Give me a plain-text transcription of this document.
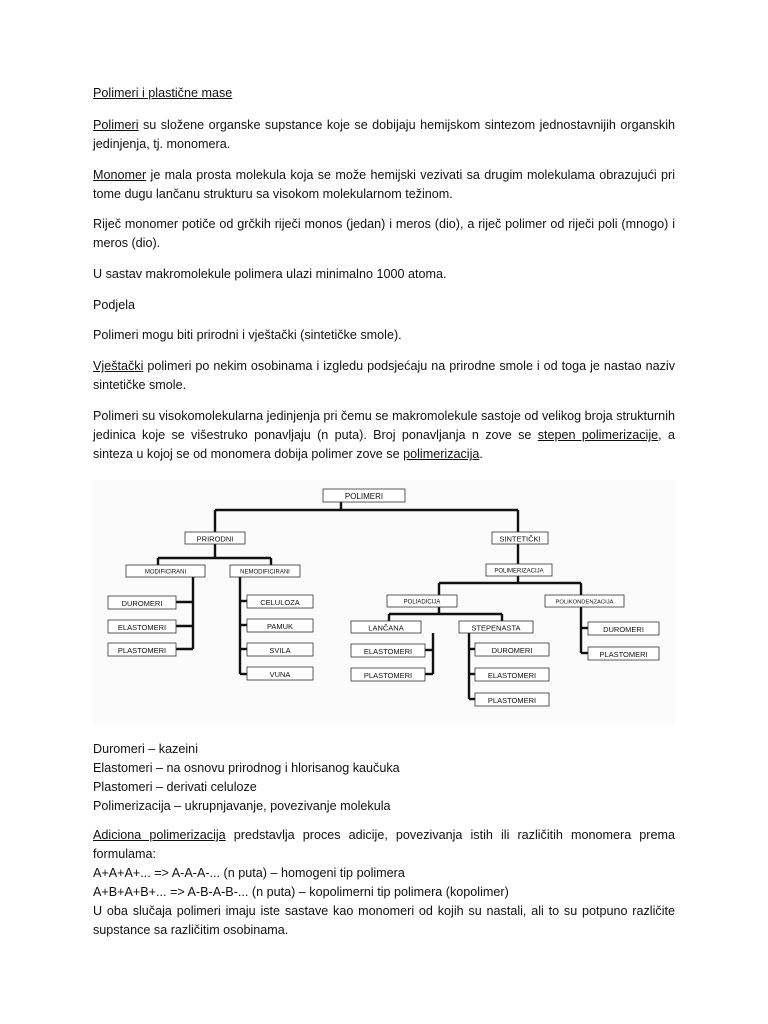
Polimeri i plastične mase

Polimeri su složene organske supstance koje se dobijaju hemijskom sintezom jednostavnijih organskih jedinjenja, tj. monomera.

Monomer je mala prosta molekula koja se može hemijski vezivati sa drugim molekulama obrazujući pri tome dugu lančanu strukturu sa visokom molekularnom težinom.

Riječ monomer potiče od grčkih riječi monos (jedan) i meros (dio), a riječ polimer od riječi poli (mnogo) i meros (dio).

U sastav makromolekule polimera ulazi minimalno 1000 atoma.

Podjela

Polimeri mogu biti prirodni i vještački (sintetičke smole).

Vještački polimeri po nekim osobinama i izgledu podsjećaju na prirodne smole i od toga je nastao naziv sintetičke smole.

Polimeri su visokomolekularna jedinjenja pri čemu se makromolekule sastoje od velikog broja strukturnih jedinica koje se višestruko ponavljaju (n puta). Broj ponavljanja n zove se stepen polimerizacije, a sinteza u kojoj se od monomera dobija polimer zove se polimerizacija.

POLIMERI
PRIRODNI	SINTETIČKI
MODIFICIRANI	NEMODIFICIRANI
DUROMERI
ELASTOMERI
PLASTOMERI
CELULOZA
PAMUK
SVILA
VUNA
POLIMERIZACIJA
POLIADICIJA	POLIKONDENZACIJA
LANČANA	STEPENASTA
ELASTOMERI
PLASTOMERI
DUROMERI
ELASTOMERI
PLASTOMERI
DUROMERI
PLASTOMERI

Duromeri – kazeini

Elastomeri – na osnovu prirodnog i hlorisanog kaučuka

Plastomeri – derivati celuloze

Polimerizacija – ukrupnjavanje, povezivanje molekula

Adiciona polimerizacija predstavlja proces adicije, povezivanja istih ili različitih monomera prema formulama:

A+A+A+... => A-A-A-... (n puta) – homogeni tip polimera

A+B+A+B+... => A-B-A-B-... (n puta) – kopolimerni tip polimera (kopolimer)

U oba slučaja polimeri imaju iste sastave kao monomeri od kojih su nastali, ali to su potpuno različite supstance sa različitim osobinama.
